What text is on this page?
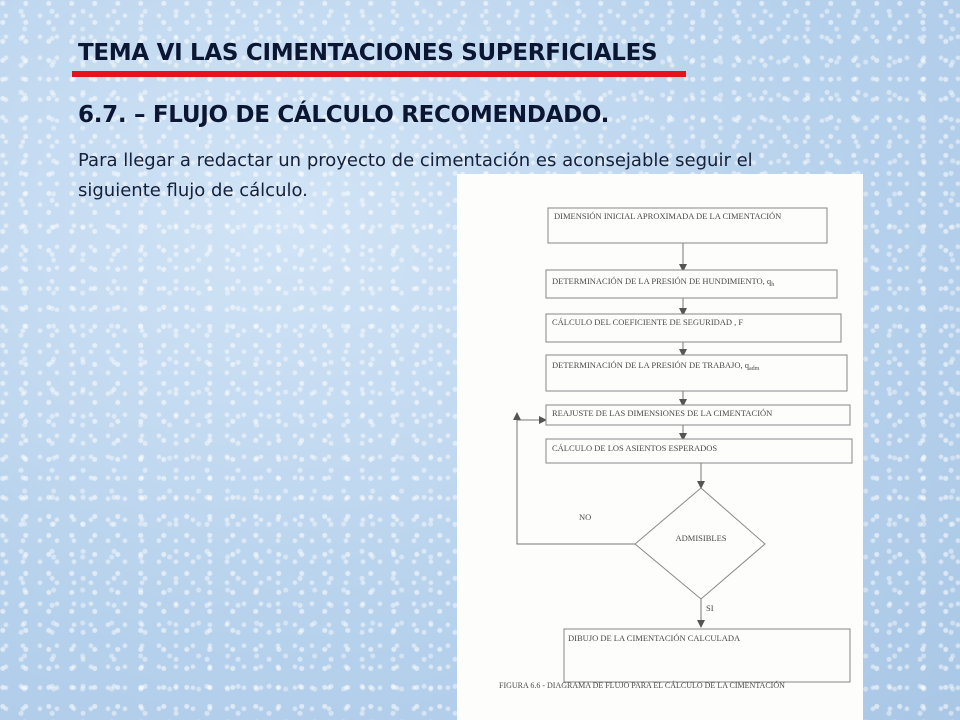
TEMA VI LAS CIMENTACIONES SUPERFICIALES
6.7. – FLUJO DE CÁLCULO RECOMENDADO.

Para llegar a redactar un proyecto de cimentación es aconsejable seguir el
siguiente flujo de cálculo.

DIMENSIÓN INICIAL APROXIMADA DE LA CIMENTACIÓN
DETERMINACIÓN DE LA PRESIÓN DE HUNDIMIENTO, $q_h$
CÁLCULO DEL COEFICIENTE DE SEGURIDAD , F
DETERMINACIÓN DE LA PRESIÓN DE TRABAJO, $q_{adm}$
REAJUSTE DE LAS DIMENSIONES DE LA CIMENTACIÓN
CÁLCULO DE LOS ASIENTOS ESPERADOS
ADMISIBLES
NO
SI
DIBUJO DE LA CIMENTACIÓN CALCULADA
FIGURA 6.6 - DIAGRAMA DE FLUJO PARA EL CÁLCULO DE LA CIMENTACIÓN
